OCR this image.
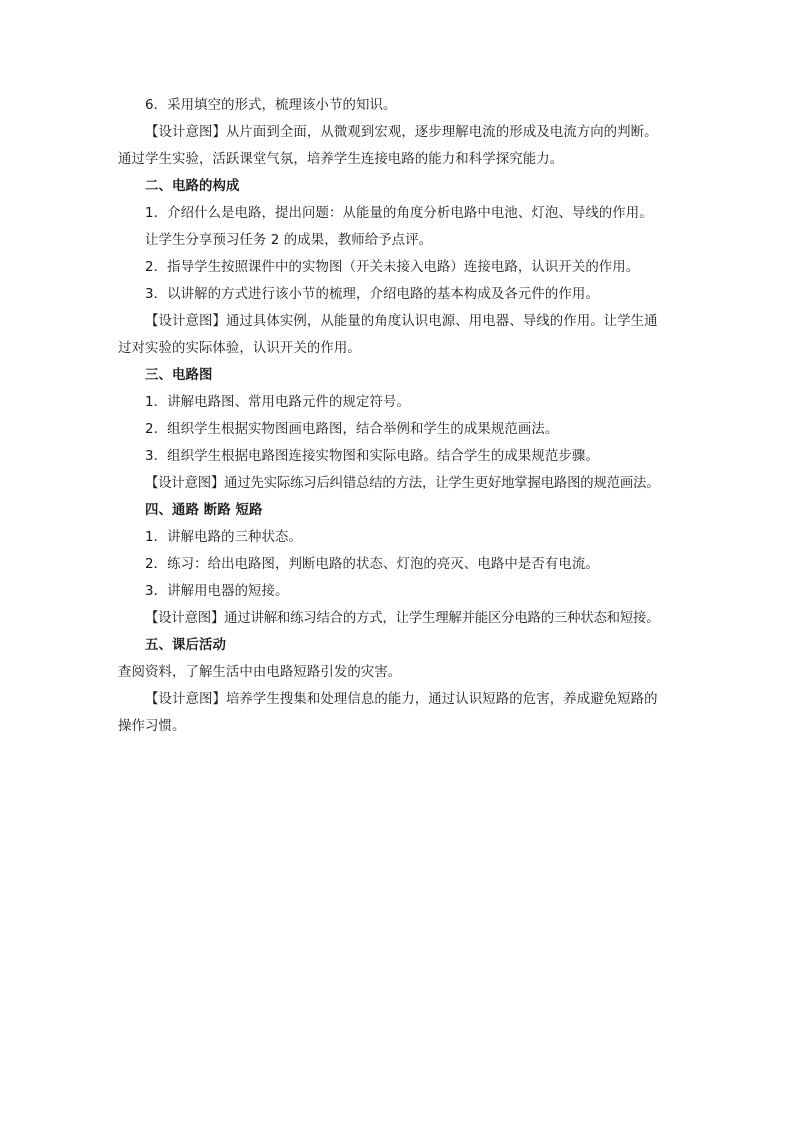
6．采用填空的形式，梳理该小节的知识。

【设计意图】从片面到全面，从微观到宏观，逐步理解电流的形成及电流方向的判断。

通过学生实验，活跃课堂气氛，培养学生连接电路的能力和科学探究能力。

二、电路的构成

1．介绍什么是电路，提出问题：从能量的角度分析电路中电池、灯泡、导线的作用。

让学生分享预习任务 2 的成果，教师给予点评。

2．指导学生按照课件中的实物图（开关未接入电路）连接电路，认识开关的作用。

3．以讲解的方式进行该小节的梳理，介绍电路的基本构成及各元件的作用。

【设计意图】通过具体实例，从能量的角度认识电源、用电器、导线的作用。让学生通

过对实验的实际体验，认识开关的作用。

三、电路图

1．讲解电路图、常用电路元件的规定符号。

2．组织学生根据实物图画电路图，结合举例和学生的成果规范画法。

3．组织学生根据电路图连接实物图和实际电路。结合学生的成果规范步骤。

【设计意图】通过先实际练习后纠错总结的方法，让学生更好地掌握电路图的规范画法。

四、通路 断路 短路

1．讲解电路的三种状态。

2．练习：给出电路图，判断电路的状态、灯泡的亮灭、电路中是否有电流。

3．讲解用电器的短接。

【设计意图】通过讲解和练习结合的方式，让学生理解并能区分电路的三种状态和短接。

五、课后活动

查阅资料，了解生活中由电路短路引发的灾害。

【设计意图】培养学生搜集和处理信息的能力，通过认识短路的危害，养成避免短路的

操作习惯。
